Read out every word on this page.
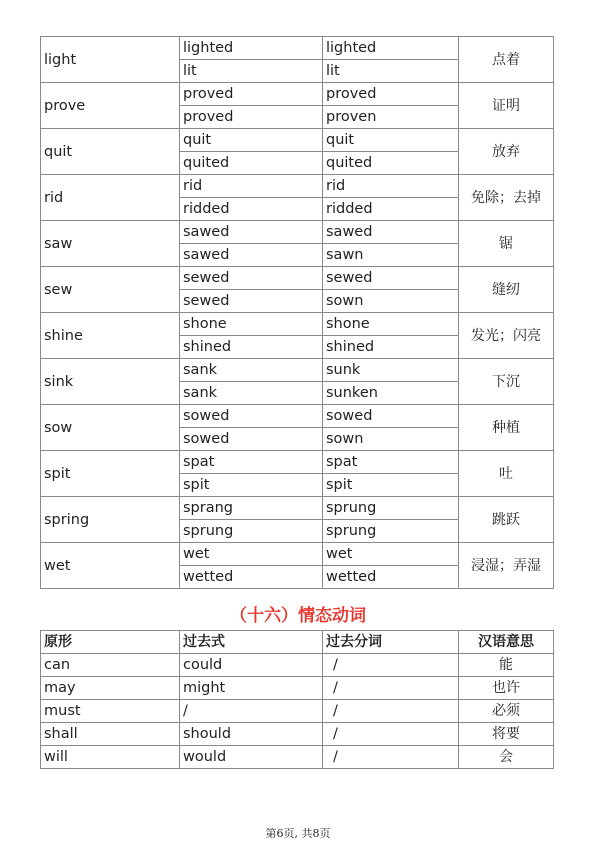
light	lighted	lighted	点着
	lit	lit	
prove	proved	proved	证明
	proved	proven	
quit	quit	quit	放弃
	quited	quited	
rid	rid	rid	免除；去掉
	ridded	ridded	
saw	sawed	sawed	锯
	sawed	sawn	
sew	sewed	sewed	缝纫
	sewed	sown	
shine	shone	shone	发光；闪亮
	shined	shined	
sink	sank	sunk	下沉
	sank	sunken	
sow	sowed	sowed	种植
	sowed	sown	
spit	spat	spat	吐
	spit	spit	
spring	sprang	sprung	跳跃
	sprung	sprung	
wet	wet	wet	浸湿；弄湿
	wetted	wetted	
（十六）情态动词
原形	过去式	过去分词	汉语意思
can	could	/	能
may	might	/	也许
must	/	/	必须
shall	should	/	将要
will	would	/	会
第6页, 共8页
